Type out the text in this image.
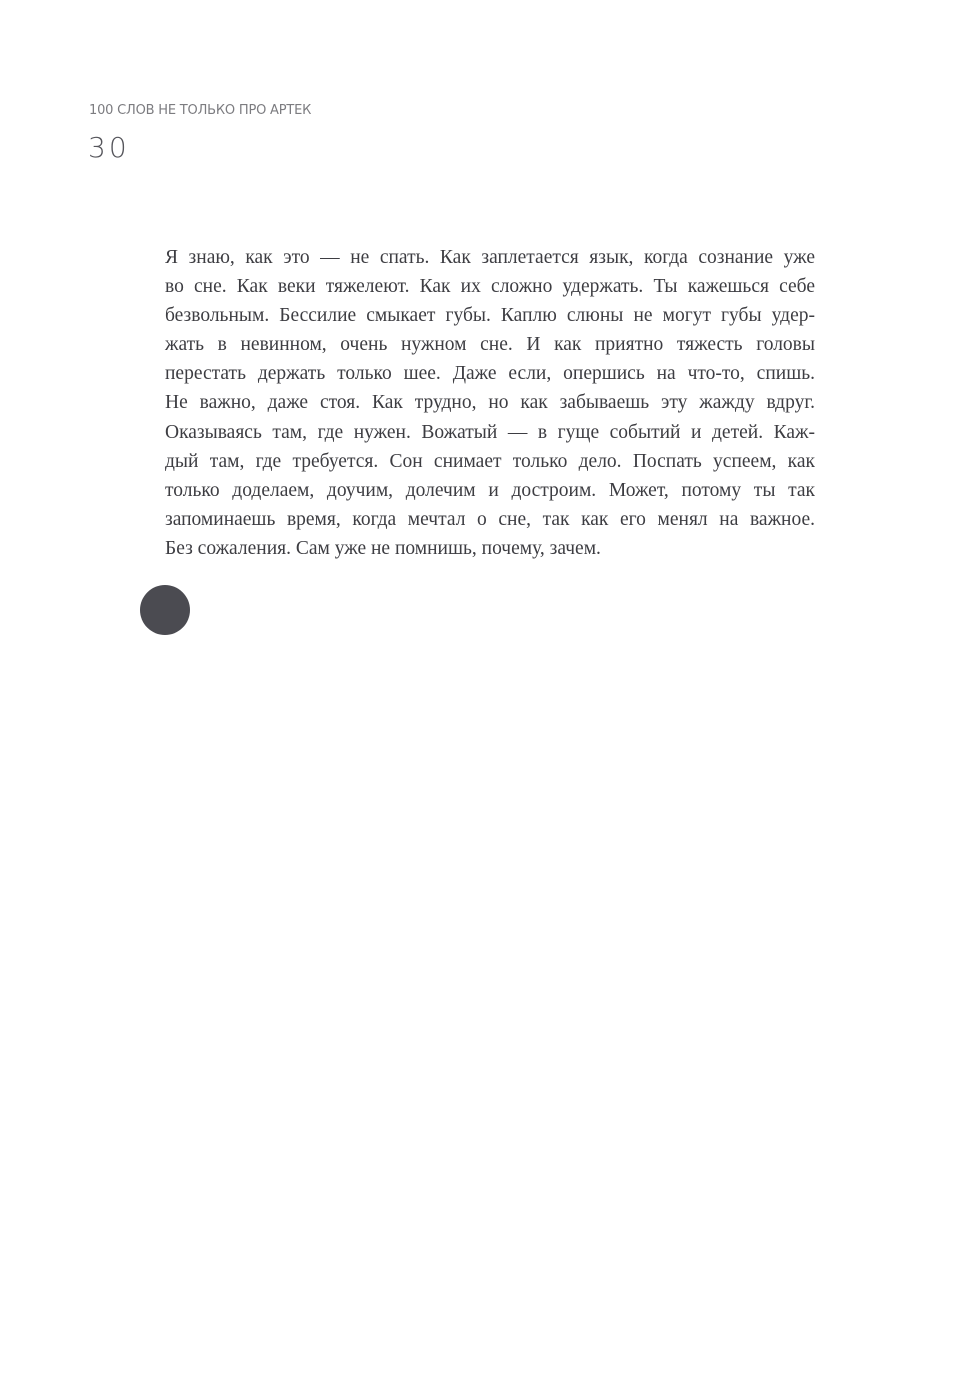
100 СЛОВ НЕ ТОЛЬКО ПРО АРТЕК
30
Я знаю, как это — не спать. Как заплетается язык, когда сознание уже
во сне. Как веки тяжелеют. Как их сложно удержать. Ты кажешься себе
безвольным. Бессилие смыкает губы. Каплю слюны не могут губы удер-
жать в невинном, очень нужном сне. И как приятно тяжесть головы
перестать держать только шее. Даже если, опершись на что-то, спишь.
Не важно, даже стоя. Как трудно, но как забываешь эту жажду вдруг.
Оказываясь там, где нужен. Вожатый — в гуще событий и детей. Каж-
дый там, где требуется. Сон снимает только дело. Поспать успеем, как
только доделаем, доучим, долечим и достроим. Может, потому ты так
запоминаешь время, когда мечтал о сне, так как его менял на важное.
Без сожаления. Сам уже не помнишь, почему, зачем.
